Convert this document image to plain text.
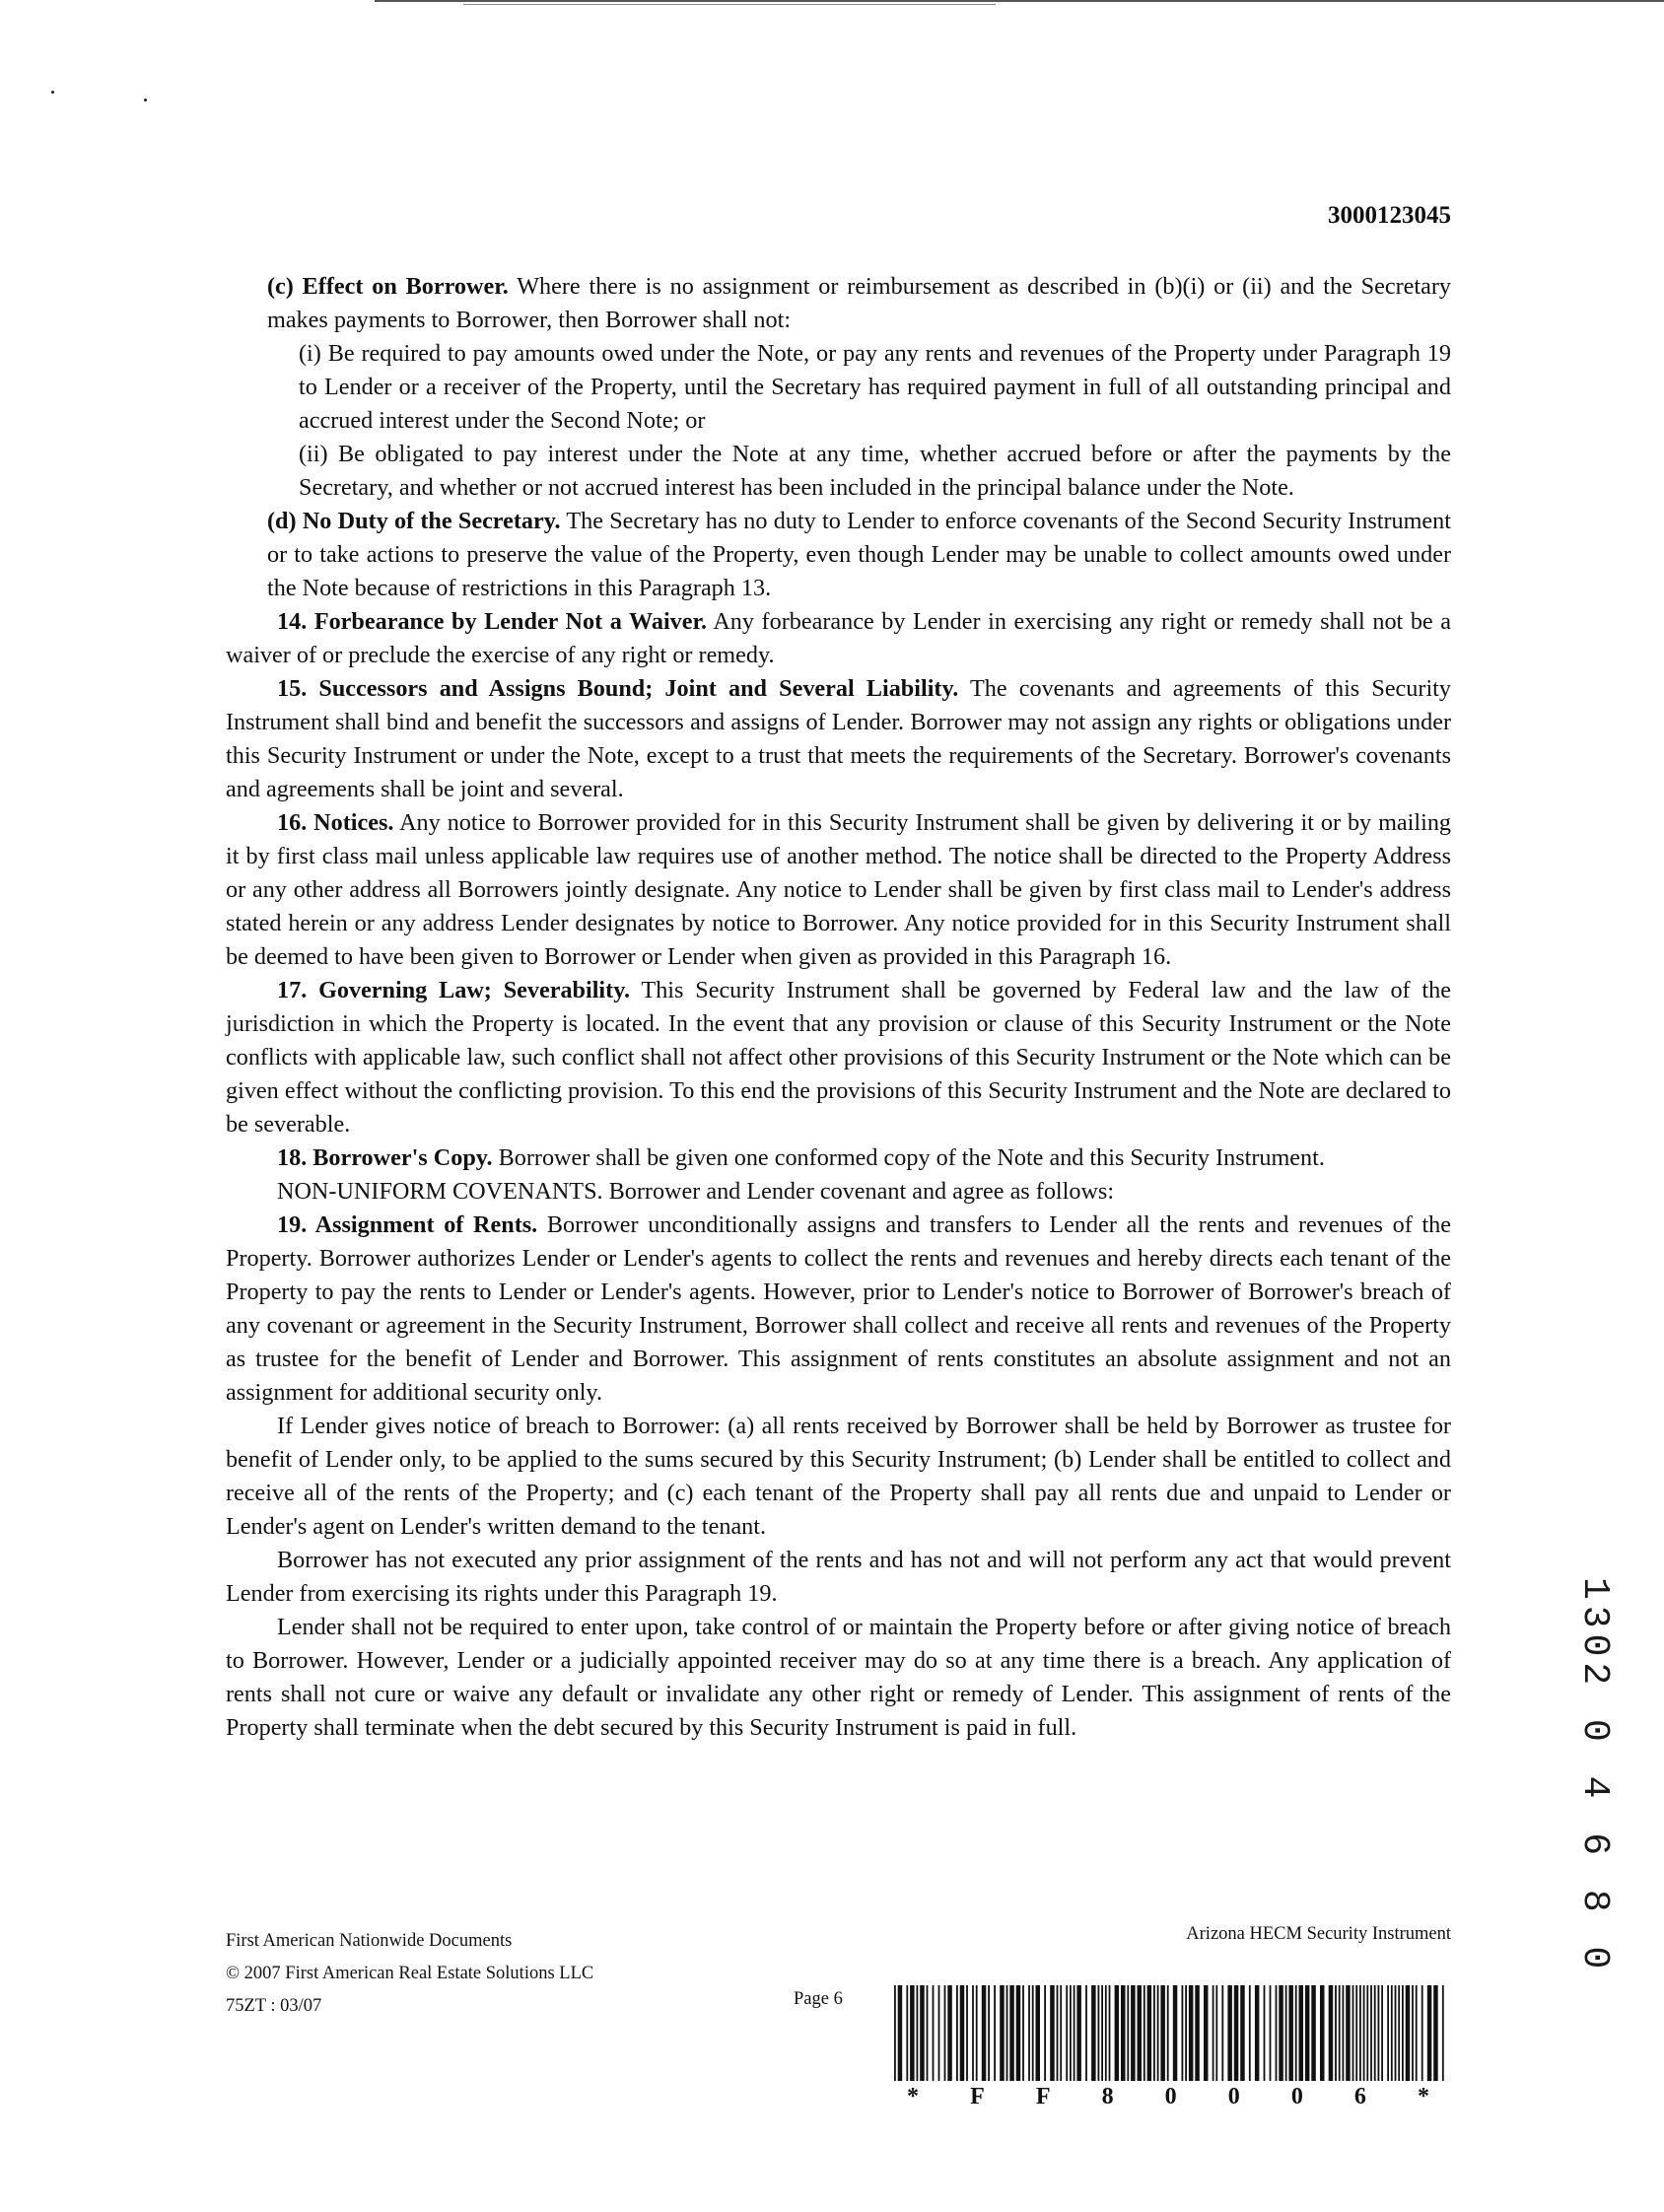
3000123045

(c) Effect on Borrower. Where there is no assignment or reimbursement as described in (b)(i) or (ii) and the Secretary makes payments to Borrower, then Borrower shall not:

(i) Be required to pay amounts owed under the Note, or pay any rents and revenues of the Property under Paragraph 19 to Lender or a receiver of the Property, until the Secretary has required payment in full of all outstanding principal and accrued interest under the Second Note; or

(ii) Be obligated to pay interest under the Note at any time, whether accrued before or after the payments by the Secretary, and whether or not accrued interest has been included in the principal balance under the Note.

(d) No Duty of the Secretary. The Secretary has no duty to Lender to enforce covenants of the Second Security Instrument or to take actions to preserve the value of the Property, even though Lender may be unable to collect amounts owed under the Note because of restrictions in this Paragraph 13.

14. Forbearance by Lender Not a Waiver. Any forbearance by Lender in exercising any right or remedy shall not be a waiver of or preclude the exercise of any right or remedy.

15. Successors and Assigns Bound; Joint and Several Liability. The covenants and agreements of this Security Instrument shall bind and benefit the successors and assigns of Lender. Borrower may not assign any rights or obligations under this Security Instrument or under the Note, except to a trust that meets the requirements of the Secretary. Borrower's covenants and agreements shall be joint and several.

16. Notices. Any notice to Borrower provided for in this Security Instrument shall be given by delivering it or by mailing it by first class mail unless applicable law requires use of another method. The notice shall be directed to the Property Address or any other address all Borrowers jointly designate. Any notice to Lender shall be given by first class mail to Lender's address stated herein or any address Lender designates by notice to Borrower. Any notice provided for in this Security Instrument shall be deemed to have been given to Borrower or Lender when given as provided in this Paragraph 16.

17. Governing Law; Severability. This Security Instrument shall be governed by Federal law and the law of the jurisdiction in which the Property is located. In the event that any provision or clause of this Security Instrument or the Note conflicts with applicable law, such conflict shall not affect other provisions of this Security Instrument or the Note which can be given effect without the conflicting provision. To this end the provisions of this Security Instrument and the Note are declared to be severable.

18. Borrower's Copy. Borrower shall be given one conformed copy of the Note and this Security Instrument.

NON-UNIFORM COVENANTS. Borrower and Lender covenant and agree as follows:

19. Assignment of Rents. Borrower unconditionally assigns and transfers to Lender all the rents and revenues of the Property. Borrower authorizes Lender or Lender's agents to collect the rents and revenues and hereby directs each tenant of the Property to pay the rents to Lender or Lender's agents. However, prior to Lender's notice to Borrower of Borrower's breach of any covenant or agreement in the Security Instrument, Borrower shall collect and receive all rents and revenues of the Property as trustee for the benefit of Lender and Borrower. This assignment of rents constitutes an absolute assignment and not an assignment for additional security only.

If Lender gives notice of breach to Borrower: (a) all rents received by Borrower shall be held by Borrower as trustee for benefit of Lender only, to be applied to the sums secured by this Security Instrument; (b) Lender shall be entitled to collect and receive all of the rents of the Property; and (c) each tenant of the Property shall pay all rents due and unpaid to Lender or Lender's agent on Lender's written demand to the tenant.

Borrower has not executed any prior assignment of the rents and has not and will not perform any act that would prevent Lender from exercising its rights under this Paragraph 19.

Lender shall not be required to enter upon, take control of or maintain the Property before or after giving notice of breach to Borrower. However, Lender or a judicially appointed receiver may do so at any time there is a breach. Any application of rents shall not cure or waive any default or invalidate any other right or remedy of Lender. This assignment of rents of the Property shall terminate when the debt secured by this Security Instrument is paid in full.

First American Nationwide Documents
© 2007 First American Real Estate Solutions LLC
75ZT : 03/07	Page 6
Arizona HECM Security Instrument
* F F 8 0 0 0 6 *
1302 0 4 6 8 0
